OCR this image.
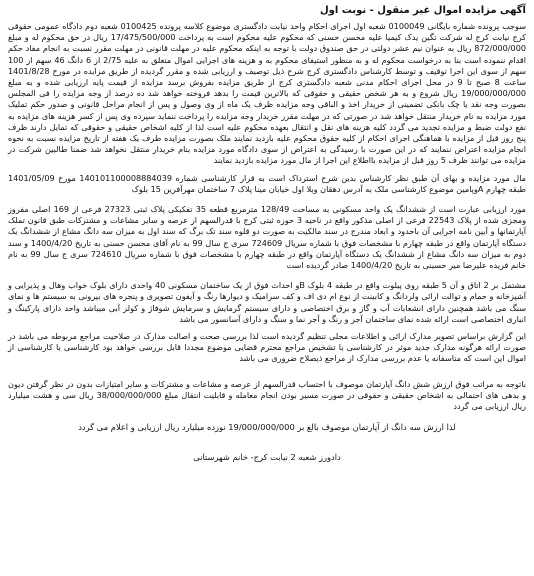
آگهی مزایده اموال غیر منقول - نوبت اول

سوجب پرونده شماره بایگانی 0100049 شعبه اول اجرای احکام واحد نیابت دادگستری موضوع کلاسه پرونده 0100425 شعبه دوم دادگاه عمومی حقوقی کرج نیابت کرج له شرکت تگین یدک کیمیا علیه محسن حسنی که محکوم علیه محکوم است به پرداخت 17/475/500/000 ریال در حق محکوم له و مبلغ 872/000/000 ریال به عنوان نیم عشر دولتی در حق صندوق دولت با توجه به اینکه محکوم علیه در مهلت قانونی در مهلت مقرر نسبت به انجام مفاد حکم اقدام ننموده است بنا به درخواست محکوم له و به منظور استیفای محکوم به و هزینه های اجرایی اموال متعلق به علیه 2/75 از 6 دانگ 46 سهم از 100 سهم از سوی این اجرا توقیف و توسط کارشناس دادگستری کرج شرح ذیل توصیف و ارزیابی شده و مقرر گردیده از طریق مزایده در مورخ 1401/8/28 ساعت 8 صبح تا 9 در محل اجرای احکام مدنی شعبه دادگستری کرج از طریق مزایده بفروش برسد مزایده از قیمت پایه ارزیابی شده و به مبلغ 19/000/000/000 ریال شروع و به هر شخص حقیقی و حقوقی که بالاترین قیمت را بدهد فروخته خواهد شد ده درصد از وجه مزایده را فی المجلس بصورت وجه نقد یا چک بانکی تضمینی از خریدار اخذ و الباقی وجه مزایده ظرف یک ماه از وی وصول و پس از انجام مراحل قانونی و صدور حکم تملیک مورد مزایده به نام خریدار منتقل خواهد شد در صورتی که در مهلت مقرر خریدار وجه مزایده را پرداخت ننماید سپرده وی پس از کسر هزینه های مزایده به نفع دولت ضبط و مزایده تجدید می گردد کلیه هزینه های نقل و انتقال بعهده محکوم علیه است لذا از کلیه اشخاص حقیقی و حقوقی که تمایل دارند ظرف پنج روز قبل از مزایده با هماهنگی اجرای احکام از کلیه حقوق محکوم علیه بازدید نمایند ملک بصورت مزایده طرف یک هفته از تاریخ مزایده نسبت به نحوه انجام مزایده اعتراض ننمایند که در این صورت با رسیدگی به اعتراض از سوی دادگاه مورد مزایده بنام خریدار منتقل نخواهد شد ضمنا طالبین شرکت در مزایده می توانند ظرف 5 روز قبل از مزایده بااطلاع این اجرا از مال مورد مزایده بازدید نمایند

مال مورد مزایده و بهای آن طبق نظر کارشناس بدین شرح استرداک است به قرار کارشناسی شماره 140101100008884039 مورخ 1401/05/09 طبقه چهارم Aوپامین موضوع کارشناسی ملک به آدرس دهقان ویلا اول خیابان مینا پلاک 7 ساختمان مهرآفرین 15 بلوک

مورد ارزیابی عبارت است از ششدانگ یک واحد مسکونی به مساحت 128/49 مترمربع قطعه 35 تفکیکی پلاک ثبتی 27323 فرعی از 169 اصلی مفروز ومجزی شده از پلاک 22543 فرعی از اصلی مذکور واقع در ناحیه 3 حوزه ثبتی کرج با قدرالسهم از عرصه و سایر مشاعات و مشترکات طبق قانون تملک آپارتمانها و آیین نامه اجرایی آن باحدود و ابعاد مندرج در سند مالکیت به صورت دو قلوه سند تک برگ که سند اول به میزان سه دانگ مشاع از ششدانگ یک دستگاه آپارتمان واقع در طبقه چهارم با مشخصات فوق با شماره سریال 724609 سری ج سال 99 به نام آقای محسن حسنی به تاریخ 1400/4/20 و سند دوم به میزان سه دانگ مشاع از ششدانگ یک دستگاه آپارتمان واقع در طبقه چهارم با مشخصات فوق با شماره سریال 724610 سری ج سال 99 به نام خانم فریده علیرضا میر حسینی به تاریخ 1400/4/20 صادر گردیده است

مشتمل بر 2 اتاق و آن 5 طبقه روی پیلوت واقع در طبقه 4 بلوک Bو احداث فوق از یک ساختمان مسکونی 40 واحدی دارای بلوک خواب وهال و پذیرایی و آشپزخانه و حمام و توالت ارائی ولردانگ و کابینت از نوع ام دی اف و کف سرامیک و دیوارها رنگ و آیفون تصویری و پنجره های بیرونی به سیستم ها و نمای سنگ می باشد همچنین دارای انشعابات آب و گاز و برق اختصاصی و دارای سیستم گرمایش و سرمایش شوفاژ و کولر آبی میباشد واحد دارای پارکینگ و انباری اختصاصی است ارائه شده نمای ساختمان آجر و رنگ و آجر نما و سنگ و دارای آسانسور می باشد

این گزارش براساس تصویر مدارک ارائی و اطلاعات محلی تنظیم گردیده است لذا بررسی صحت و اصالت مدارک در صلاحیت مراجع مربوطه می باشد در صورت ارائه هرگونه مدارک جدید موثر در کارشناسی یا تشخیص مراجع محترم قضایی موضوع مجددا قابل بررسی خواهد بود کارشناسی یا کارشناسی از اموال این است که متاسفانه یا عدم بررسی مدارک از مراجع ذیصلاح ضروری می باشد

باتوجه به مراتب فوق ارزش شش دانگ آپارتمان موصوف با احتساب قدرالسهم از عرصه و مشاعات و مشترکات و سایر امتیازات بدون در نظر گرفتن دیون و بدهی های احتمالی به اشخاص حقیقی و حقوقی در صورت مسیر بودن انجام معامله و قابلیت انتقال مبلغ 38/000/000/000 ریال سی و هشت میلیارد ریال ارزیابی می گردد

لذا ارزش سه دانگ از آپارتمان موصوف بالغ بر 19/000/000/000 نوزده میلیارد ریال ارزیابی و اعلام می گردد

دادورز شعبه 2 نیابت کرج- خانم شهرستانی
